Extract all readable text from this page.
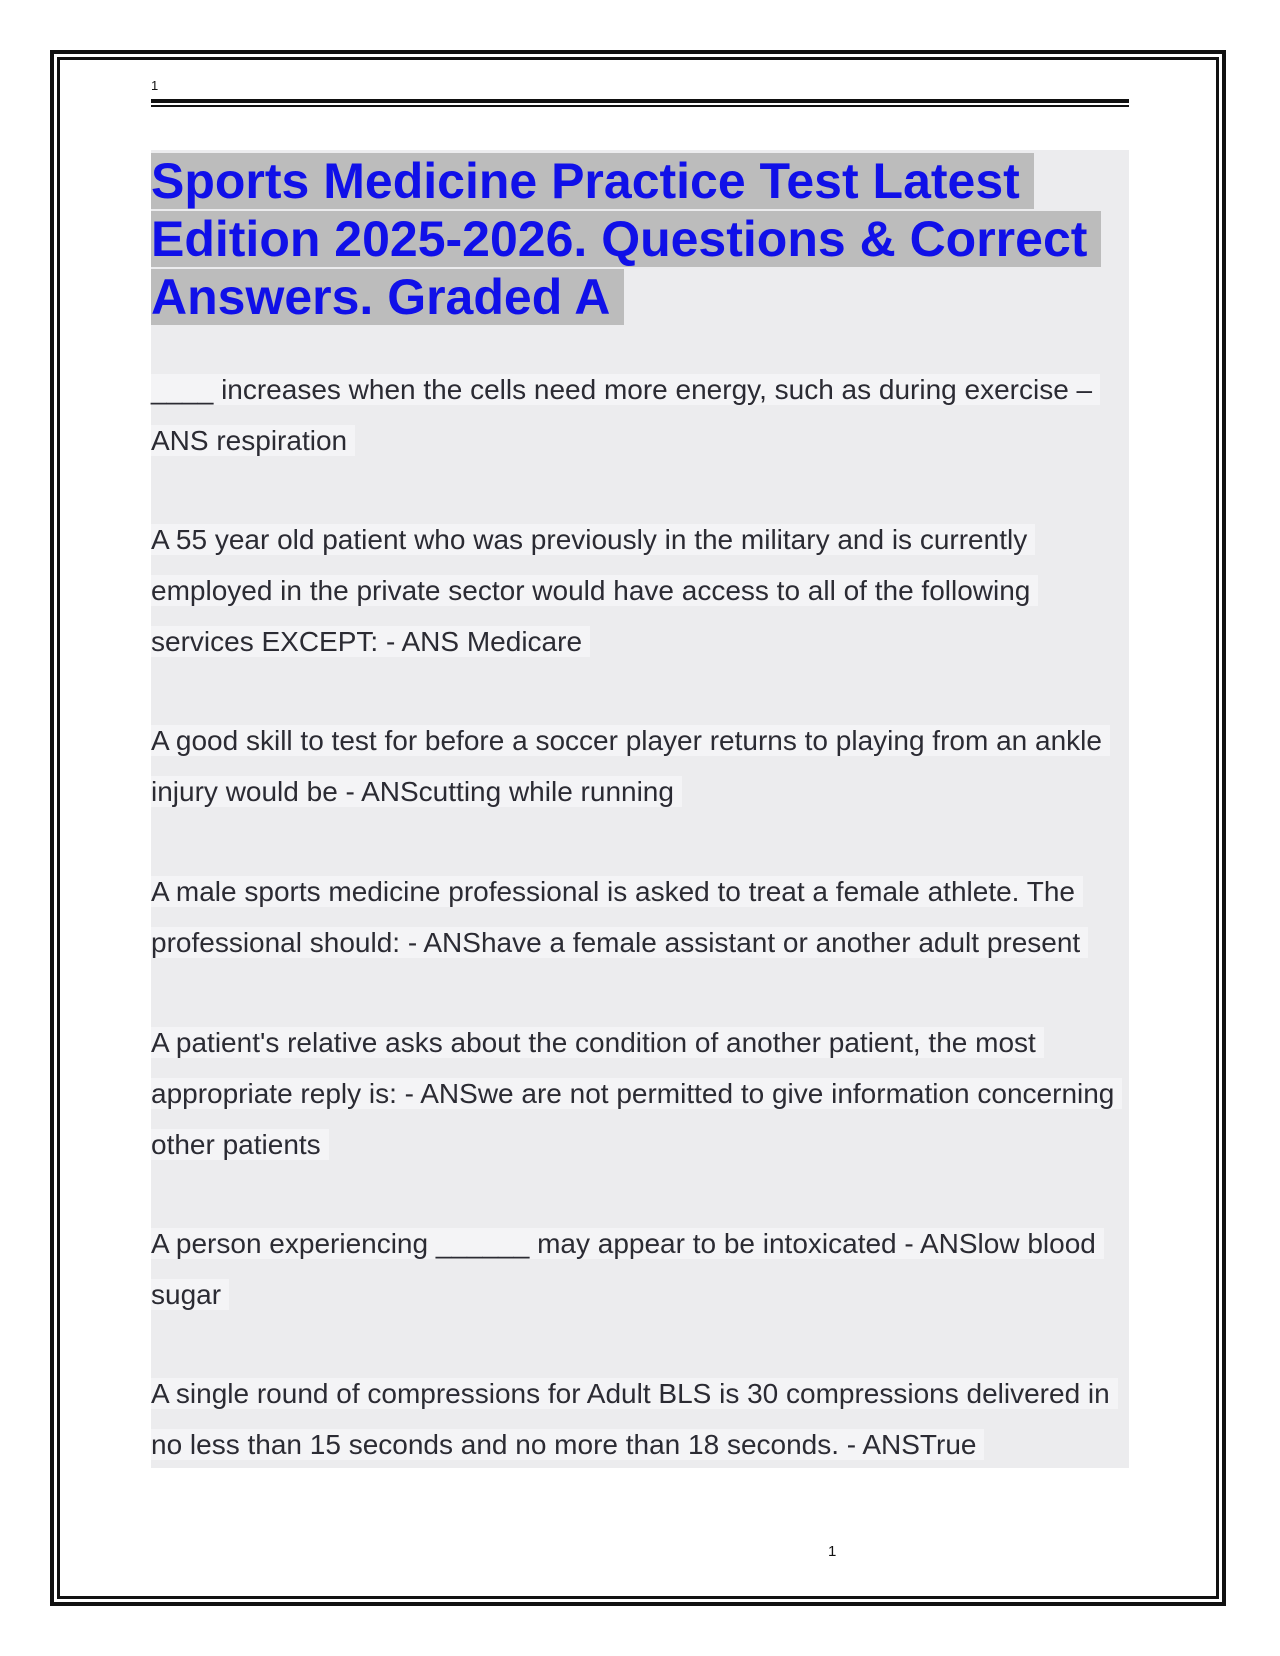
1
Sports Medicine Practice Test Latest Edition 2025-2026. Questions & Correct Answers. Graded A

____ increases when the cells need more energy, such as during exercise – ANS respiration

A 55 year old patient who was previously in the military and is currently employed in the private sector would have access to all of the following services EXCEPT: - ANS Medicare

A good skill to test for before a soccer player returns to playing from an ankle injury would be - ANScutting while running

A male sports medicine professional is asked to treat a female athlete. The professional should: - ANShave a female assistant or another adult present

A patient's relative asks about the condition of another patient, the most appropriate reply is: - ANSwe are not permitted to give information concerning other patients

A person experiencing ______ may appear to be intoxicated - ANSlow blood sugar

A single round of compressions for Adult BLS is 30 compressions delivered in no less than 15 seconds and no more than 18 seconds. - ANSTrue

1
